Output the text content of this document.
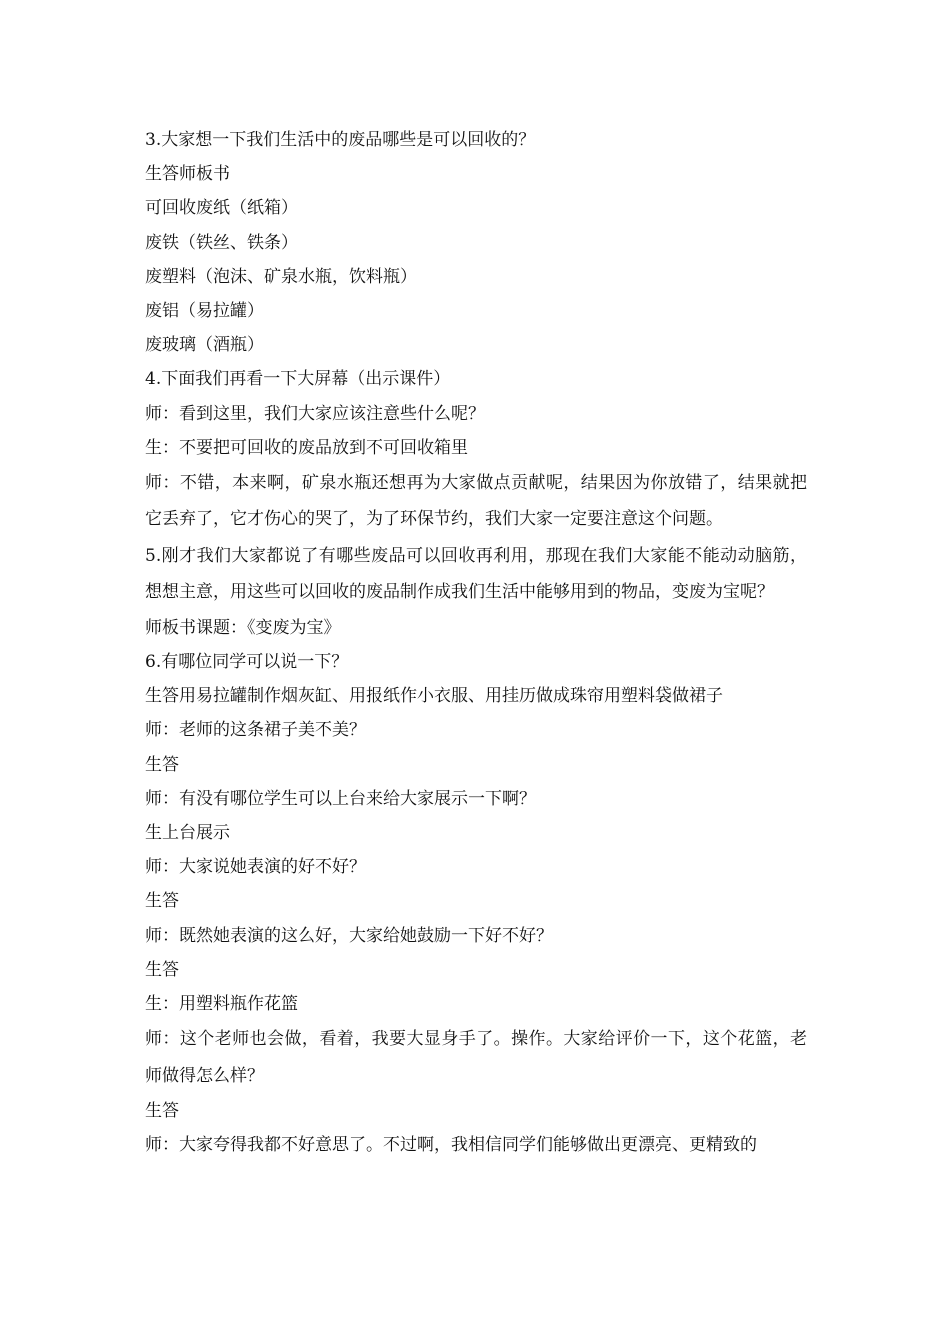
3.大家想一下我们生活中的废品哪些是可以回收的？
生答师板书
可回收废纸（纸箱）
废铁（铁丝、铁条）
废塑料（泡沫、矿泉水瓶，饮料瓶）
废铝（易拉罐）
废玻璃（酒瓶）
4.下面我们再看一下大屏幕（出示课件）
师：看到这里，我们大家应该注意些什么呢？
生：不要把可回收的废品放到不可回收箱里

师：不错，本来啊，矿泉水瓶还想再为大家做点贡献呢，结果因为你放错了，结果就把它丢弃了，它才伤心的哭了，为了环保节约，我们大家一定要注意这个问题。

5.刚才我们大家都说了有哪些废品可以回收再利用，那现在我们大家能不能动动脑筋，想想主意，用这些可以回收的废品制作成我们生活中能够用到的物品，变废为宝呢？

师板书课题：《变废为宝》
6.有哪位同学可以说一下？
生答用易拉罐制作烟灰缸、用报纸作小衣服、用挂历做成珠帘用塑料袋做裙子
师：老师的这条裙子美不美？
生答
师：有没有哪位学生可以上台来给大家展示一下啊？
生上台展示
师：大家说她表演的好不好？
生答
师：既然她表演的这么好，大家给她鼓励一下好不好？
生答
生：用塑料瓶作花篮

师：这个老师也会做，看着，我要大显身手了。操作。大家给评价一下，这个花篮，老师做得怎么样？

生答
师：大家夸得我都不好意思了。不过啊，我相信同学们能够做出更漂亮、更精致的
